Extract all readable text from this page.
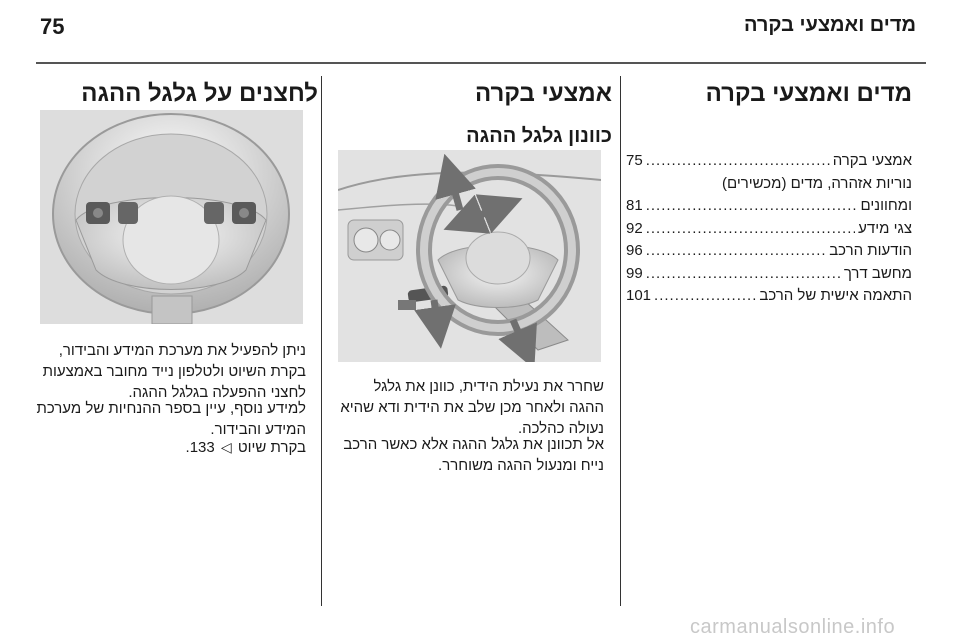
75	מדים ואמצעי בקרה
מדים ואמצעי בקרה
אמצעי בקרה
.....
75
נוריות אזהרה, מדים (מכשירים)
ומחוונים
.....
81
צגי מידע
.....
92
הודעות הרכב
.....
96
מחשב דרך
.....
99
התאמה אישית של הרכב
.....
101
אמצעי בקרה
כוונון גלגל ההגה
שחרר את נעילת הידית, כוונן את גלגל ההגה ולאחר מכן שלב את הידית ודא שהיא נעולה כהלכה.
אל תכוונן את גלגל ההגה אלא כאשר הרכב נייח ומנעול ההגה משוחרר.
לחצנים על גלגל ההגה
ניתן להפעיל את מערכת המידע והבידור, בקרת השיוט ולטלפון נייד מחובר באמצעות לחצני ההפעלה בגלגל ההגה.
למידע נוסף, עיין בספר ההנחיות של מערכת המידע והבידור.
בקרת שיוט ◁ 133.
carmanualsonline.info
